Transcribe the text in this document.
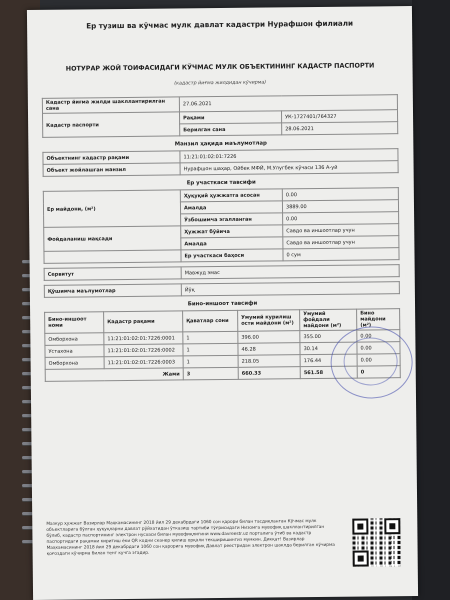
Ер тузиш ва кўчмас мулк давлат кадастри Нурафшон филиали
НОТУРАР ЖОЙ ТОИФАСИДАГИ КЎЧМАС МУЛК ОБЪЕКТИНИНГ КАДАСТР ПАСПОРТИ
(кадастр йиғма жилдидан кўчирма)
Кадастр йиғма жилди шакллантирилган сана	27.06.2021	
Кадастр паспорти	Рақами	УК-1727401/764327
	Берилган сана	28.06.2021
Манзил ҳақида маълумотлар
Объектнинг кадастр рақами	11:21:01:02:01:7226
Объект жойлашган манзил	Нурафшон шаҳар, Ойбек МФЙ, М.Улугбек кўчаси 136 А-уй
Ер участкаси тавсифи
Ер майдони, (м²)	Ҳуқуқий ҳужжатга асосан	0.00
	Амалда	3889.00
	Ўзбошимча эгалланган	0.00
Фойдаланиш мақсади	Ҳужжат бўйича	Савдо ва иншоотлар учун
	Амалда	Савдо ва иншоотлар учун
	Ер участкаси баҳоси	0 сум
Сервитут	Мавжуд эмас
Қўшимча маълумотлар	Йўқ
Бино-иншоот тавсифи
Бино-иншоот номи	Кадастр рақами	Қаватлар сони	Умумий курилиш ости майдони (м²)	Умумий фойдали майдони (м²)	Бино майдони (м²)
Омборхона	11:21:01:02:01:7226:0001	1	396.00	355.00	0.00
Устахона	11:21:01:02:01:7226:0002	1	46.28	30.14	0.00
Омборхона	11:21:01:02:01:7226:0003	1	218.05	176.44	0.00
Жами		3	660.33	561.58	0
Мазкур ҳужжат Вазирлар Маҳкамасининг 2018 йил 29 декабрдаги 1060 сон қарори билан тасдиқланган Кўчмас мулк объектларига бўлган ҳуқуқларни давлат рўйхатидан ўтказиш тартиби тўғрисидаги Низомга мувофиқ шакллантирилган бўлиб, кадастр паспортининг электрон нусхаси билан мувофиқлигини www.davreestr.uz порталига ўтиб ва кадастр паспортидаги рақамни киритиш ёки QR кодни сканер қилиш орқали текширишингиз мумкин. Дикқат! Вазирлар Маҳкамасининг 2018 йил 29 декабрдаги 1060 сон қарорига мувофиқ Давлат реестридан электрон шаклда берилган кўчирма қоғоздаги кўчирма билан тенг кучга эгадир.
